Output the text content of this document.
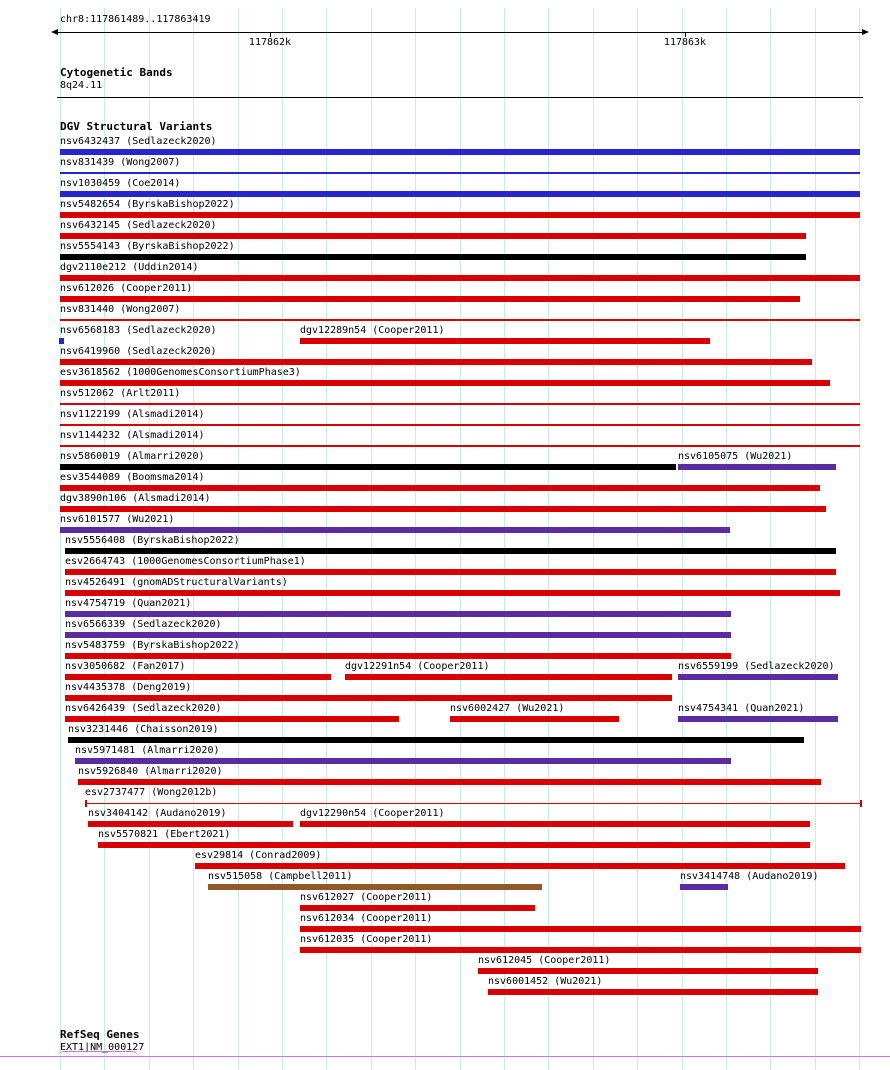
chr8:117861489..117863419
117862k	117863k
Cytogenetic Bands
8q24.11
DGV Structural Variants
nsv6432437 (Sedlazeck2020)
nsv831439 (Wong2007)
nsv1030459 (Coe2014)
nsv5482654 (ByrskaBishop2022)
nsv6432145 (Sedlazeck2020)
nsv5554143 (ByrskaBishop2022)
dgv2110e212 (Uddin2014)
nsv612026 (Cooper2011)
nsv831440 (Wong2007)
nsv6568183 (Sedlazeck2020)	dgv12289n54 (Cooper2011)
nsv6419960 (Sedlazeck2020)
esv3618562 (1000GenomesConsortiumPhase3)
nsv512062 (Arlt2011)
nsv1122199 (Alsmadi2014)
nsv1144232 (Alsmadi2014)
nsv5860019 (Almarri2020)	nsv6105075 (Wu2021)
esv3544089 (Boomsma2014)
dgv3890n106 (Alsmadi2014)
nsv6101577 (Wu2021)
nsv5556408 (ByrskaBishop2022)
esv2664743 (1000GenomesConsortiumPhase1)
nsv4526491 (gnomADStructuralVariants)
nsv4754719 (Quan2021)
nsv6566339 (Sedlazeck2020)
nsv5483759 (ByrskaBishop2022)
nsv3050682 (Fan2017)	dgv12291n54 (Cooper2011)	nsv6559199 (Sedlazeck2020)
nsv4435378 (Deng2019)
nsv6426439 (Sedlazeck2020)	nsv6002427 (Wu2021)	nsv4754341 (Quan2021)
nsv3231446 (Chaisson2019)
nsv5971481 (Almarri2020)
nsv5926840 (Almarri2020)
esv2737477 (Wong2012b)
nsv3404142 (Audano2019)	dgv12290n54 (Cooper2011)
nsv5570821 (Ebert2021)
esv29814 (Conrad2009)
nsv515058 (Campbell2011)	nsv3414748 (Audano2019)
nsv612027 (Cooper2011)
nsv612034 (Cooper2011)
nsv612035 (Cooper2011)
nsv612045 (Cooper2011)
nsv6001452 (Wu2021)
RefSeq Genes
EXT1|NM_000127
